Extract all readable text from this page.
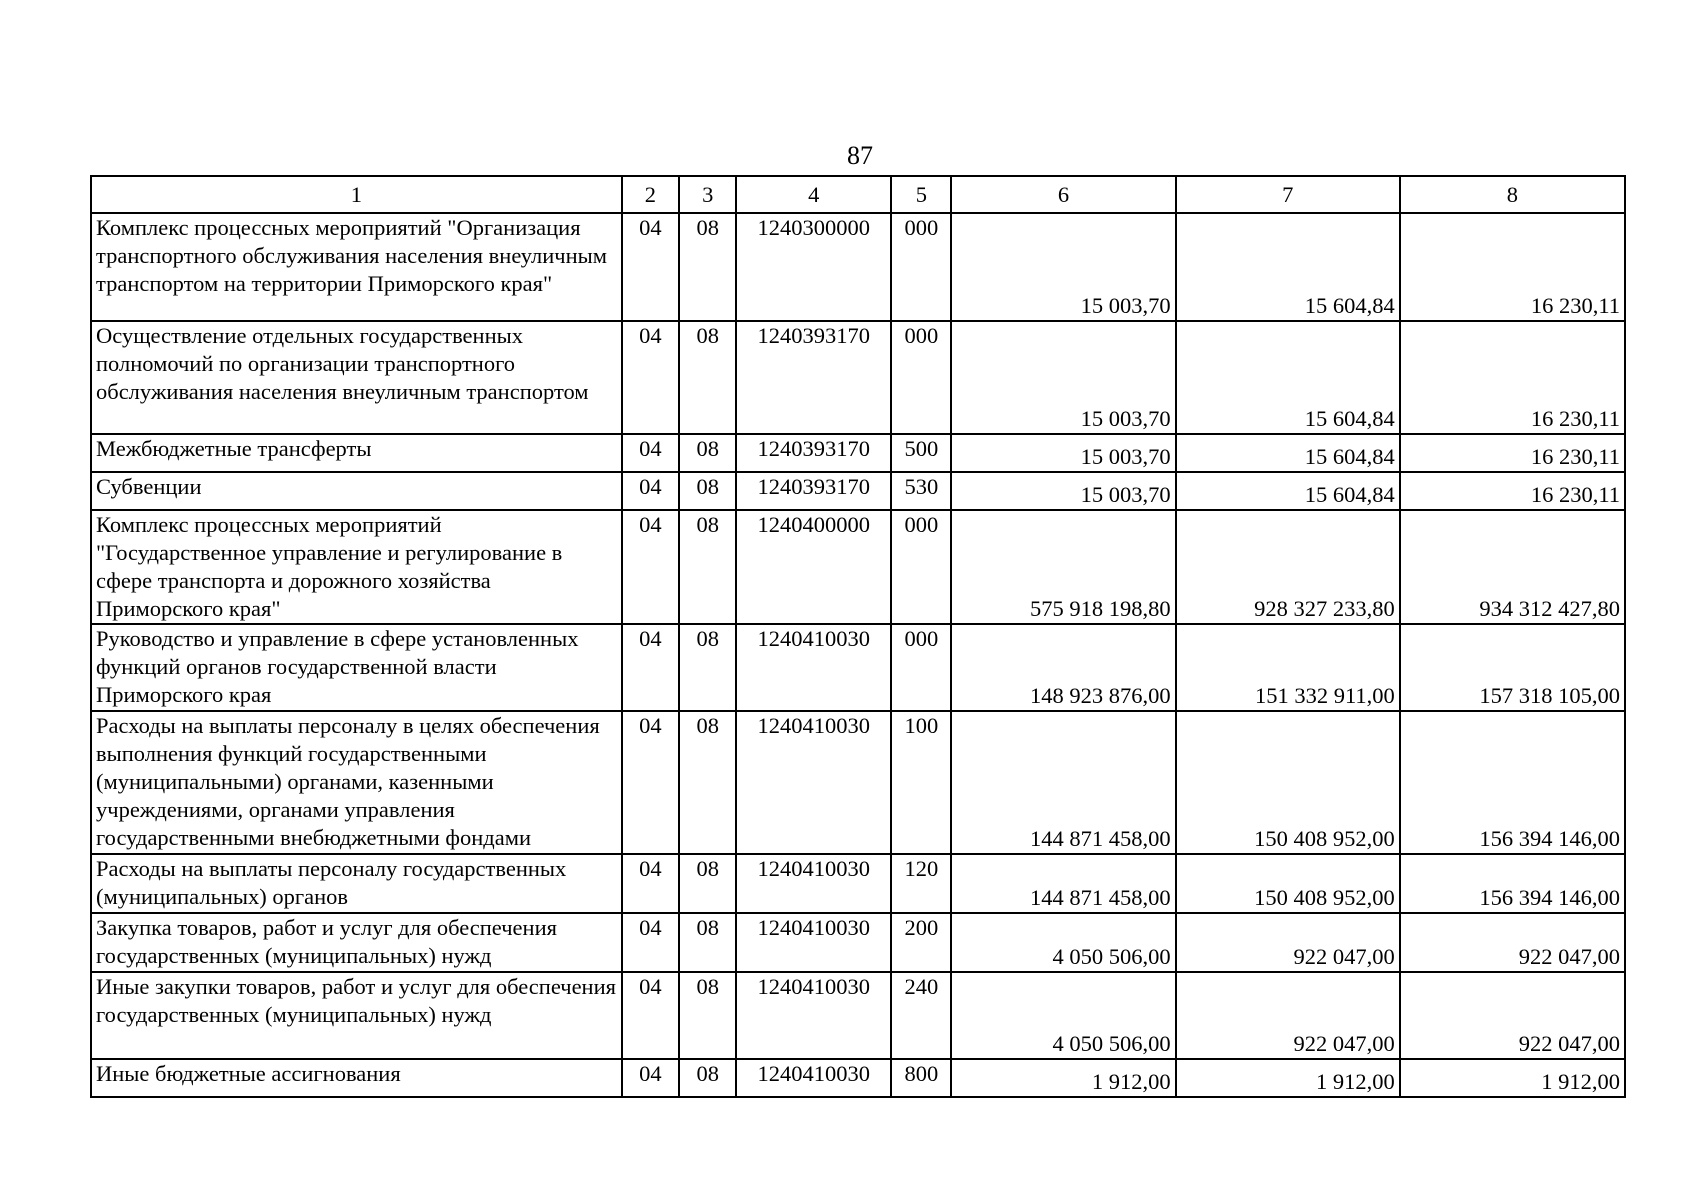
87
1	2	3	4	5	6	7	8
Комплекс процессных мероприятий "Организация транспортного обслуживания населения внеуличным транспортом на территории Приморского края"	04	08	1240300000	000	15 003,70	15 604,84	16 230,11
Осуществление отдельных государственных полномочий по организации транспортного обслуживания населения внеуличным транспортом	04	08	1240393170	000	15 003,70	15 604,84	16 230,11
Межбюджетные трансферты	04	08	1240393170	500	15 003,70	15 604,84	16 230,11
Субвенции	04	08	1240393170	530	15 003,70	15 604,84	16 230,11
Комплекс процессных мероприятий "Государственное управление и регулирование в сфере транспорта и дорожного хозяйства Приморского края"	04	08	1240400000	000	575 918 198,80	928 327 233,80	934 312 427,80
Руководство и управление в сфере установленных функций органов государственной власти Приморского края	04	08	1240410030	000	148 923 876,00	151 332 911,00	157 318 105,00
Расходы на выплаты персоналу в целях обеспечения выполнения функций государственными (муниципальными) органами, казенными учреждениями, органами управления государственными внебюджетными фондами	04	08	1240410030	100	144 871 458,00	150 408 952,00	156 394 146,00
Расходы на выплаты персоналу государственных (муниципальных) органов	04	08	1240410030	120	144 871 458,00	150 408 952,00	156 394 146,00
Закупка товаров, работ и услуг для обеспечения государственных (муниципальных) нужд	04	08	1240410030	200	4 050 506,00	922 047,00	922 047,00
Иные закупки товаров, работ и услуг для обеспечения государственных (муниципальных) нужд	04	08	1240410030	240	4 050 506,00	922 047,00	922 047,00
Иные бюджетные ассигнования	04	08	1240410030	800	1 912,00	1 912,00	1 912,00
